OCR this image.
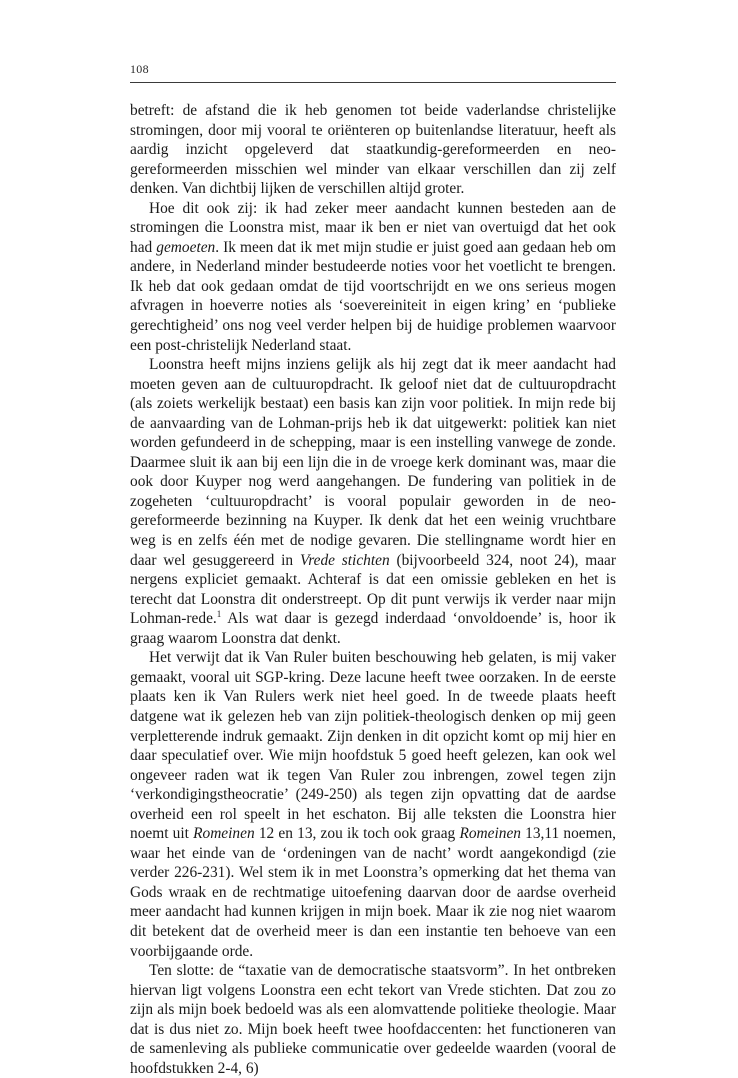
108

betreft: de afstand die ik heb genomen tot beide vaderlandse christelijke stromingen, door mij vooral te oriënteren op buitenlandse literatuur, heeft als aardig inzicht opgeleverd dat staatkundig-gereformeerden en neo-gereformeerden misschien wel minder van elkaar verschillen dan zij zelf denken. Van dichtbij lijken de verschillen altijd groter.

Hoe dit ook zij: ik had zeker meer aandacht kunnen besteden aan de stromingen die Loonstra mist, maar ik ben er niet van overtuigd dat het ook had gemoeten. Ik meen dat ik met mijn studie er juist goed aan gedaan heb om andere, in Nederland minder bestudeerde noties voor het voetlicht te brengen. Ik heb dat ook gedaan omdat de tijd voortschrijdt en we ons serieus mogen afvragen in hoeverre noties als ‘soevereiniteit in eigen kring’ en ‘publieke gerechtigheid’ ons nog veel verder helpen bij de huidige problemen waarvoor een post-christelijk Nederland staat.

Loonstra heeft mijns inziens gelijk als hij zegt dat ik meer aandacht had moeten geven aan de cultuuropdracht. Ik geloof niet dat de cultuuropdracht (als zoiets werkelijk bestaat) een basis kan zijn voor politiek. In mijn rede bij de aanvaarding van de Lohman-prijs heb ik dat uitgewerkt: politiek kan niet worden gefundeerd in de schepping, maar is een instelling vanwege de zonde. Daarmee sluit ik aan bij een lijn die in de vroege kerk dominant was, maar die ook door Kuyper nog werd aangehangen. De fundering van politiek in de zogeheten ‘cultuuropdracht’ is vooral populair geworden in de neo-gereformeerde bezinning na Kuyper. Ik denk dat het een weinig vruchtbare weg is en zelfs één met de nodige gevaren. Die stellingname wordt hier en daar wel gesuggereerd in Vrede stichten (bijvoorbeeld 324, noot 24), maar nergens expliciet gemaakt. Achteraf is dat een omissie gebleken en het is terecht dat Loonstra dit onderstreept. Op dit punt verwijs ik verder naar mijn Lohman-rede.$^1$ Als wat daar is gezegd inderdaad ‘onvoldoende’ is, hoor ik graag waarom Loonstra dat denkt.

Het verwijt dat ik Van Ruler buiten beschouwing heb gelaten, is mij vaker gemaakt, vooral uit SGP-kring. Deze lacune heeft twee oorzaken. In de eerste plaats ken ik Van Rulers werk niet heel goed. In de tweede plaats heeft datgene wat ik gelezen heb van zijn politiek-theologisch denken op mij geen verpletterende indruk gemaakt. Zijn denken in dit opzicht komt op mij hier en daar speculatief over. Wie mijn hoofdstuk 5 goed heeft gelezen, kan ook wel ongeveer raden wat ik tegen Van Ruler zou inbrengen, zowel tegen zijn ‘verkondigingstheocratie’ (249-250) als tegen zijn opvatting dat de aardse overheid een rol speelt in het eschaton. Bij alle teksten die Loonstra hier noemt uit Romeinen 12 en 13, zou ik toch ook graag Romeinen 13,11 noemen, waar het einde van de ‘ordeningen van de nacht’ wordt aangekondigd (zie verder 226-231). Wel stem ik in met Loonstra’s opmerking dat het thema van Gods wraak en de rechtmatige uitoefening daarvan door de aardse overheid meer aandacht had kunnen krijgen in mijn boek. Maar ik zie nog niet waarom dit betekent dat de overheid meer is dan een instantie ten behoeve van een voorbijgaande orde.

Ten slotte: de “taxatie van de democratische staatsvorm”. In het ontbreken hiervan ligt volgens Loonstra een echt tekort van Vrede stichten. Dat zou zo zijn als mijn boek bedoeld was als een alomvattende politieke theologie. Maar dat is dus niet zo. Mijn boek heeft twee hoofdaccenten: het functioneren van de samenleving als publieke communicatie over gedeelde waarden (vooral de hoofdstukken 2-4, 6)
